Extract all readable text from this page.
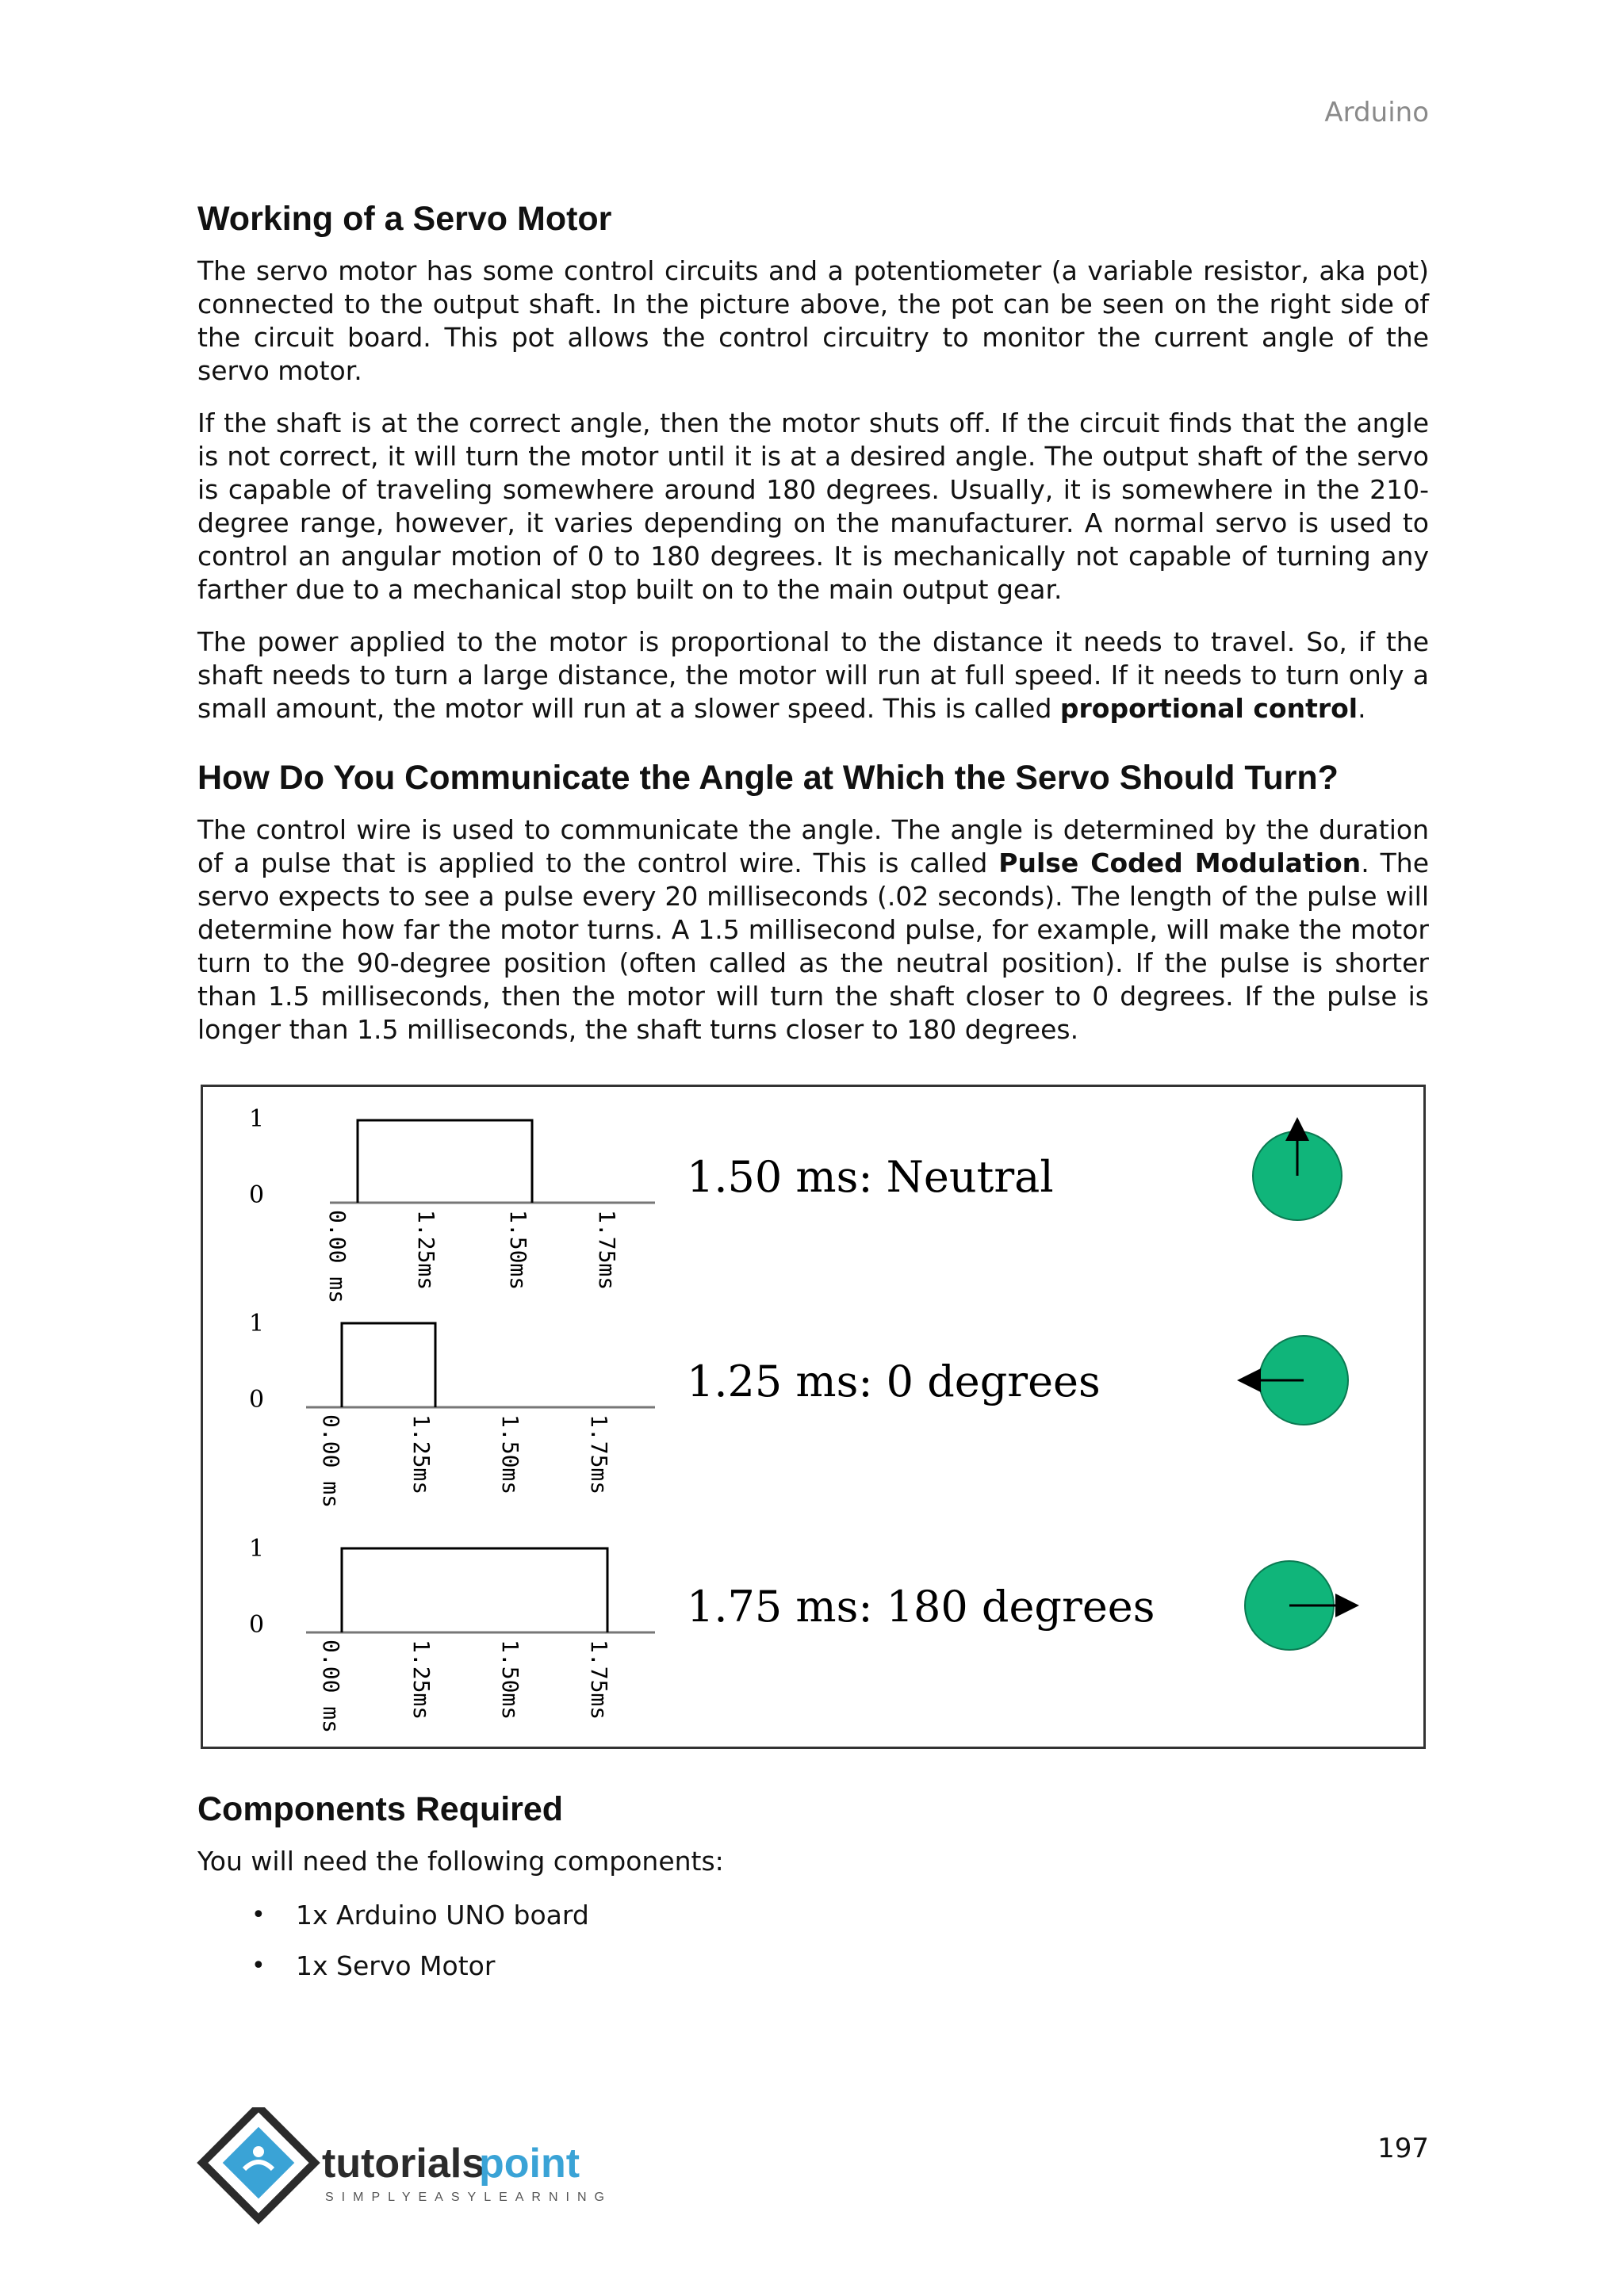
Arduino
Working of a Servo Motor

The servo motor has some control circuits and a potentiometer (a variable resistor, aka pot) connected to the output shaft. In the picture above, the pot can be seen on the right side of the circuit board. This pot allows the control circuitry to monitor the current angle of the servo motor.

If the shaft is at the correct angle, then the motor shuts off. If the circuit finds that the angle is not correct, it will turn the motor until it is at a desired angle. The output shaft of the servo is capable of traveling somewhere around 180 degrees. Usually, it is somewhere in the 210-degree range, however, it varies depending on the manufacturer. A normal servo is used to control an angular motion of 0 to 180 degrees. It is mechanically not capable of turning any farther due to a mechanical stop built on to the main output gear.

The power applied to the motor is proportional to the distance it needs to travel. So, if the shaft needs to turn a large distance, the motor will run at full speed. If it needs to turn only a small amount, the motor will run at a slower speed. This is called proportional control.

How Do You Communicate the Angle at Which the Servo Should Turn?

The control wire is used to communicate the angle. The angle is determined by the duration of a pulse that is applied to the control wire. This is called Pulse Coded Modulation. The servo expects to see a pulse every 20 milliseconds (.02 seconds). The length of the pulse will determine how far the motor turns. A 1.5 millisecond pulse, for example, will make the motor turn to the 90-degree position (often called as the neutral position). If the pulse is shorter than 1.5 milliseconds, then the motor will turn the shaft closer to 0 degrees. If the pulse is longer than 1.5 milliseconds, the shaft turns closer to 180 degrees.

1
0
0.00 ms	1.25ms	1.50ms	1.75ms
1.50 ms: Neutral
1
0
0.00 ms	1.25ms	1.50ms	1.75ms
1.25 ms: 0 degrees
1
0
0.00 ms	1.25ms	1.50ms	1.75ms
1.75 ms: 180 degrees
Components Required

You will need the following components:

• 1x Arduino UNO board
• 1x Servo Motor
tutorials
point
SIMPLYEASYLEARNING
197
